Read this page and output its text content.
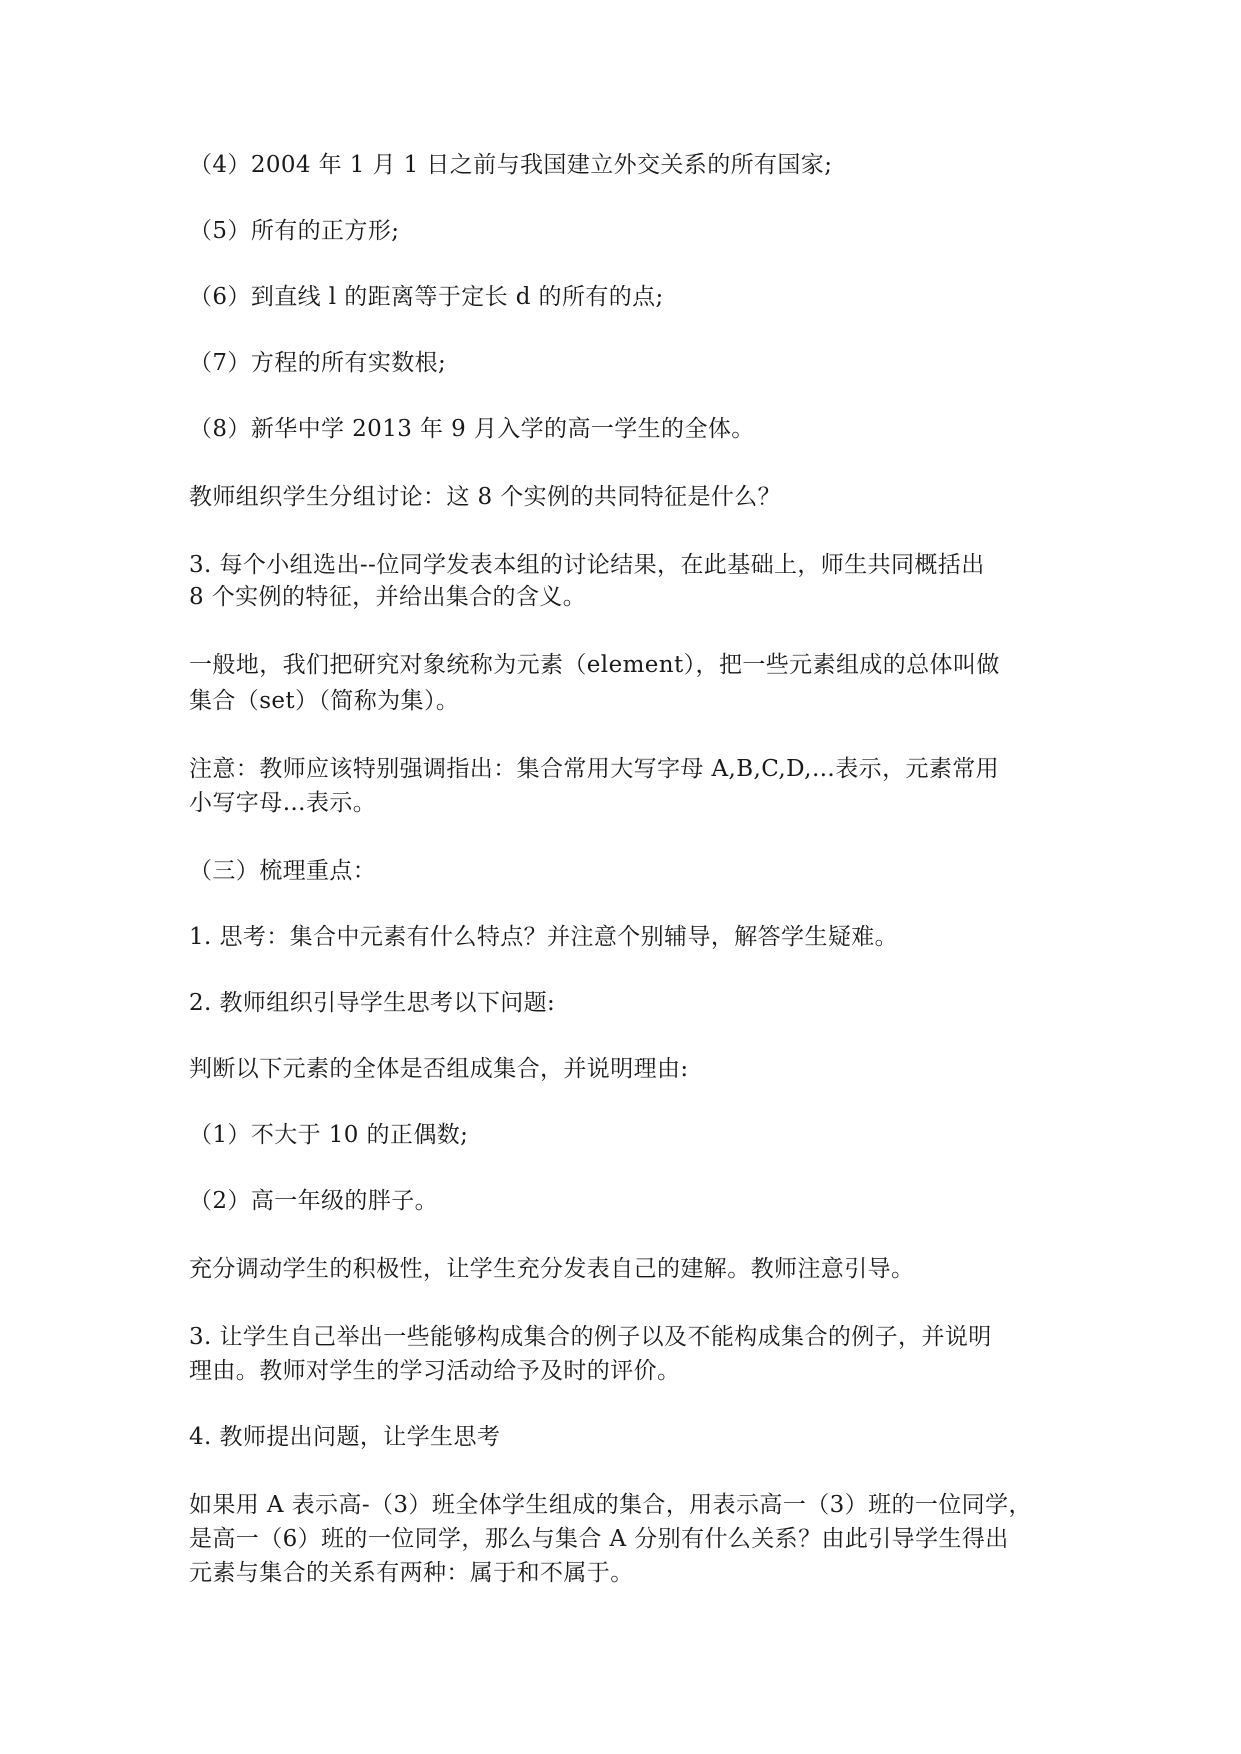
（4）2004 年 1 月 1 日之前与我国建立外交关系的所有国家;
（5）所有的正方形;
（6）到直线 l 的距离等于定长 d 的所有的点;
（7）方程的所有实数根;
（8）新华中学 2013 年 9 月入学的高一学生的全体。
教师组织学生分组讨论：这 8 个实例的共同特征是什么？
3. 每个小组选出--位同学发表本组的讨论结果，在此基础上，师生共同概括出
8 个实例的特征，并给出集合的含义。
一般地，我们把研究对象统称为元素（element），把一些元素组成的总体叫做
集合（set）（简称为集）。
注意：教师应该特别强调指出：集合常用大写字母 A,B,C,D,…表示，元素常用
小写字母…表示。
（三）梳理重点：
1. 思考：集合中元素有什么特点？并注意个别辅导，解答学生疑难。
2. 教师组织引导学生思考以下问题:
判断以下元素的全体是否组成集合，并说明理由:
（1）不大于 10 的正偶数;
（2）高一年级的胖子。
充分调动学生的积极性，让学生充分发表自己的建解。教师注意引导。
3. 让学生自己举出一些能够构成集合的例子以及不能构成集合的例子，并说明
理由。教师对学生的学习活动给予及时的评价。
4. 教师提出问题，让学生思考
如果用 A 表示高-（3）班全体学生组成的集合，用表示高一（3）班的一位同学，
是高一（6）班的一位同学，那么与集合 A 分别有什么关系？由此引导学生得出
元素与集合的关系有两种：属于和不属于。
